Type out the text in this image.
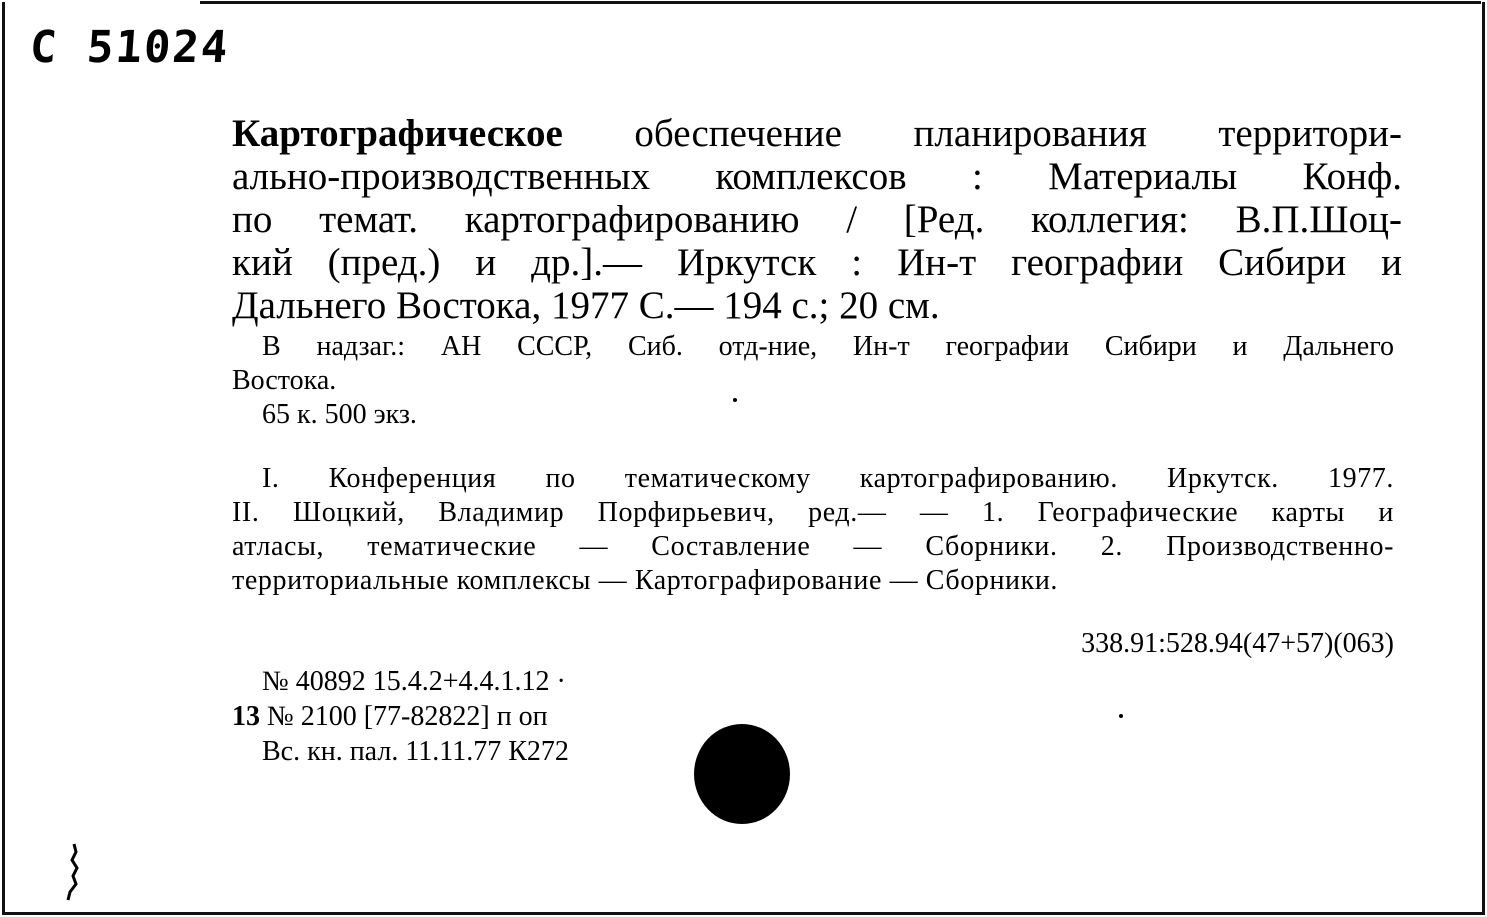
С 51024
Картографическое обеспечение планирования территори-
ально-производственных комплексов : Материалы Конф.
по темат. картографированию / [Ред. коллегия: В.П.Шоц-
кий (пред.) и др.].— Иркутск : Ин-т географии Сибири и
Дальнего Востока, 1977 С.— 194 с.; 20 см.
В надзаг.: АН СССР, Сиб. отд-ние, Ин-т географии Сибири и Дальнего
Востока.
65 к. 500 экз.
I. Конференция по тематическому картографированию. Иркутск. 1977.
II. Шоцкий, Владимир Порфирьевич, ред.— — 1. Географические карты и
атласы, тематические — Составление — Сборники. 2. Производственно-
территориальные комплексы — Картографирование — Сборники.
338.91:528.94(47+57)(063)
№ 40892 15.4.2+4.4.1.12 ·
13 № 2100 [77-82822] п оп
Вс. кн. пал. 11.11.77 К272
